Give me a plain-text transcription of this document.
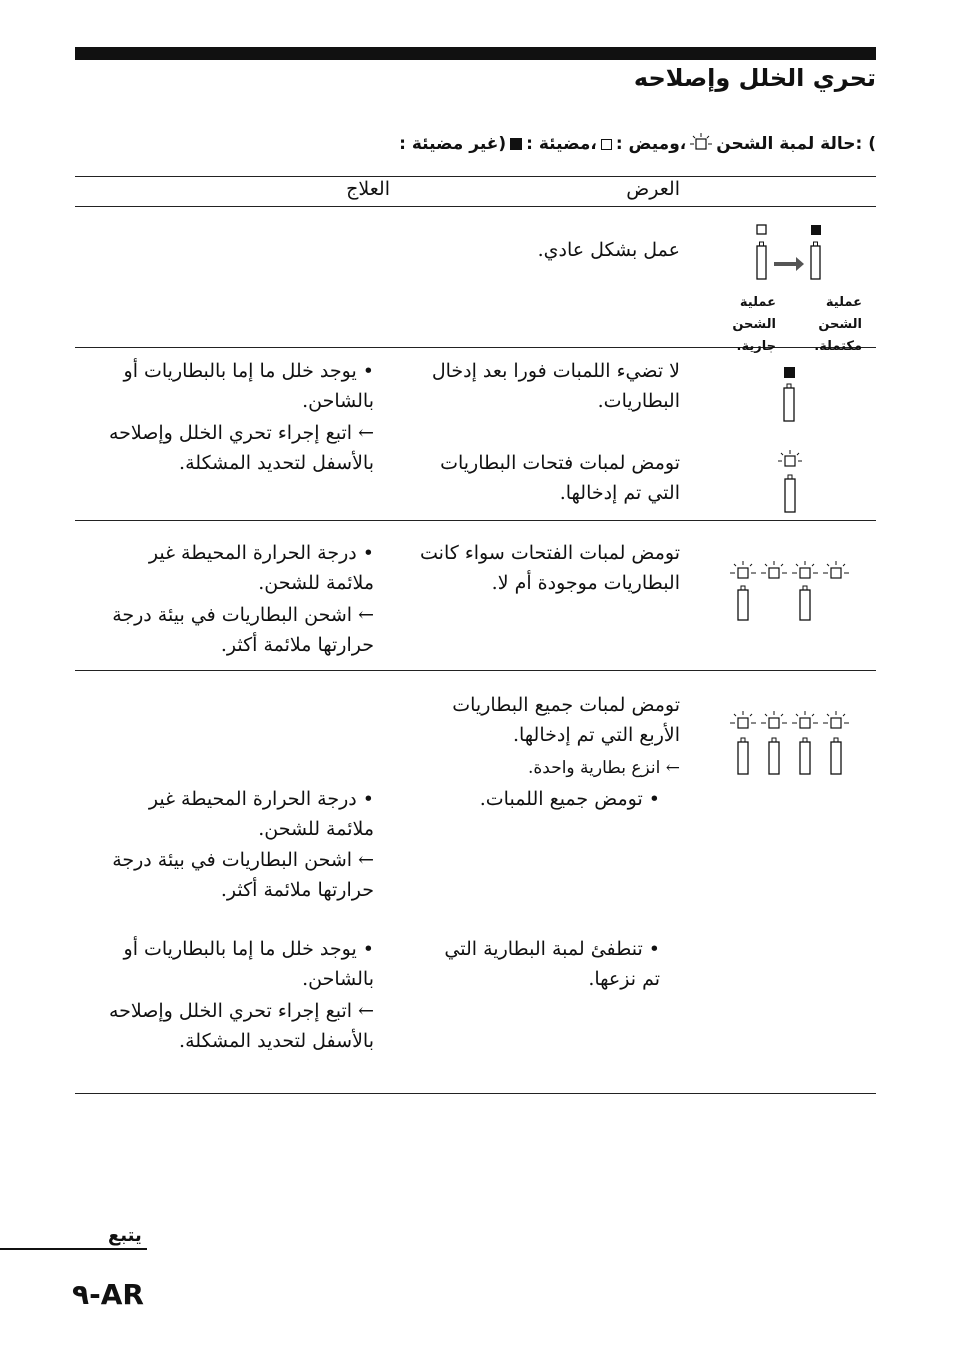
تحري الخلل وإصلاحه
حالة لمبة الشحن: (
: وميض،
: مضيئة،
: غير مضيئة)
العرض
العلاج
عملية الشحن مكتملة.
عملية الشحن جارية.
عمل بشكل عادي.
لا تضيء اللمبات فورا بعد إدخال البطاريات.
تومض لمبات فتحات البطاريات التي تم إدخالها.
• يوجد خلل ما إما بالبطاريات أو بالشاحن.
← اتبع إجراء تحري الخلل وإصلاحه بالأسفل لتحديد المشكلة.
تومض لمبات الفتحات سواء كانت البطاريات موجودة أم لا.
• درجة الحرارة المحيطة غير ملائمة للشحن.
← اشحن البطاريات في بيئة درجة حرارتها ملائمة أكثر.
تومض لمبات جميع البطاريات الأربع التي تم إدخالها.
← انزع بطارية واحدة.
• تومض جميع اللمبات.
• درجة الحرارة المحيطة غير ملائمة للشحن.
← اشحن البطاريات في بيئة درجة حرارتها ملائمة أكثر.
• تنطفئ لمبة البطارية التي تم نزعها.
• يوجد خلل ما إما بالبطاريات أو بالشاحن.
← اتبع إجراء تحري الخلل وإصلاحه بالأسفل لتحديد المشكلة.
يتبع
AR-٩
